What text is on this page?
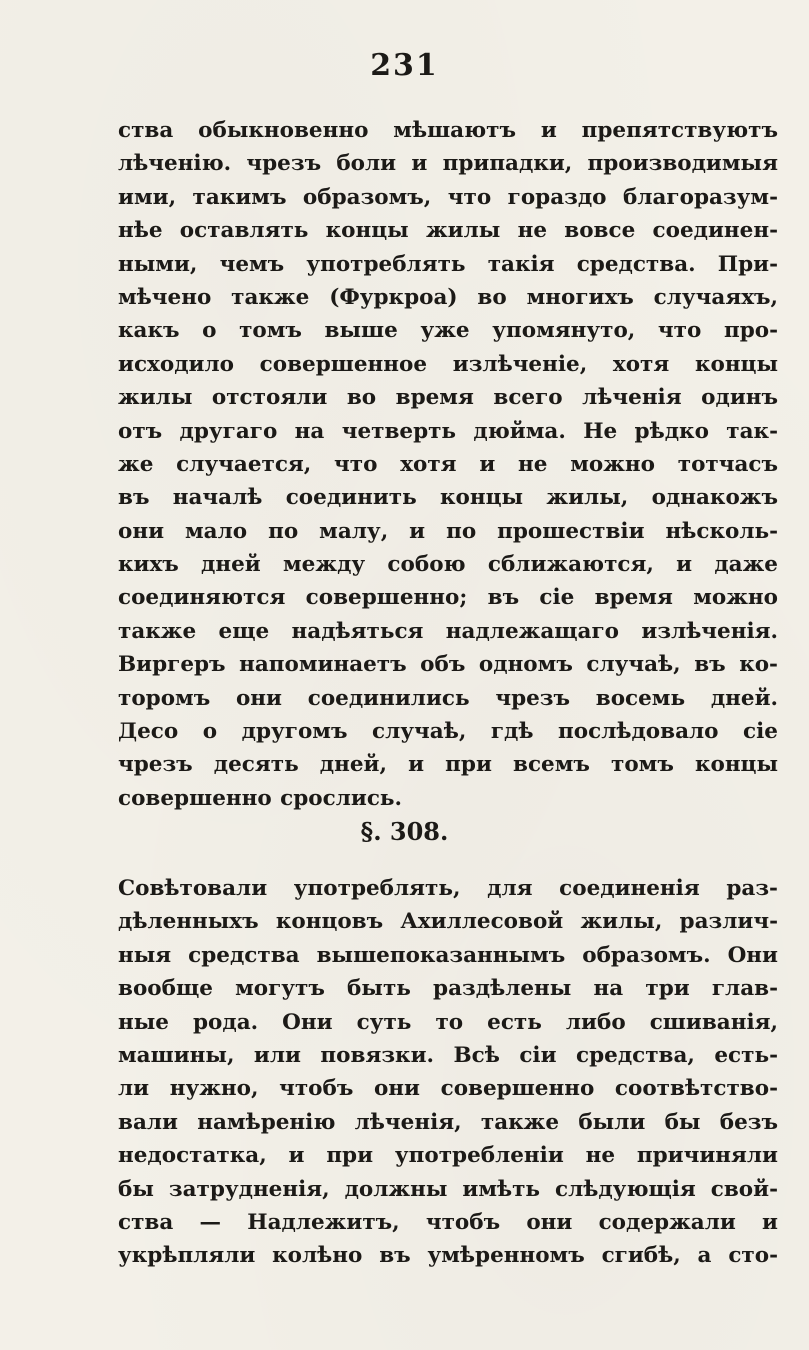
231
ства обыкновенно мѣшаютъ и препятствуютъ
лѣченію. чрезъ боли и припадки, производимыя
ими, такимъ образомъ, что гораздо благоразум-
нѣе оставлять концы жилы не вовсе соединен-
ными, чемъ употреблять такія средства. При-
мѣчено также (Фуркроа) во многихъ случаяхъ,
какъ о томъ выше уже упомянуто, что про-
исходило совершенное излѣченіе, хотя концы
жилы отстояли во время всего лѣченія одинъ
отъ другаго на четверть дюйма. Не рѣдко так-
же случается, что хотя и не можно тотчасъ
въ началѣ соединить концы жилы, однакожъ
они мало по малу, и по прошествіи нѣсколь-
кихъ дней между собою сближаются, и даже
соединяются совершенно; въ сіе время можно
также еще надѣяться надлежащаго излѣченія.
Виргеръ напоминаетъ объ одномъ случаѣ, въ ко-
торомъ они соединились чрезъ восемь дней.
Десо о другомъ случаѣ, гдѣ послѣдовало сіе
чрезъ десять дней, и при всемъ томъ концы
совершенно срослись.
§. 308.
Совѣтовали употреблять, для соединенія раз-
дѣленныхъ концовъ Ахиллесовой жилы, различ-
ныя средства вышепоказаннымъ образомъ. Они
вообще могутъ быть раздѣлены на три глав-
ные рода. Они суть то есть либо сшиванія,
машины, или повязки. Всѣ сіи средства, есть-
ли нужно, чтобъ они совершенно соотвѣтство-
вали намѣренію лѣченія, также были бы безъ
недостатка, и при употребленіи не причиняли
бы затрудненія, должны имѣть слѣдующія свой-
ства — Надлежитъ, чтобъ они содержали и
укрѣпляли колѣно въ умѣренномъ сгибѣ, а сто-
